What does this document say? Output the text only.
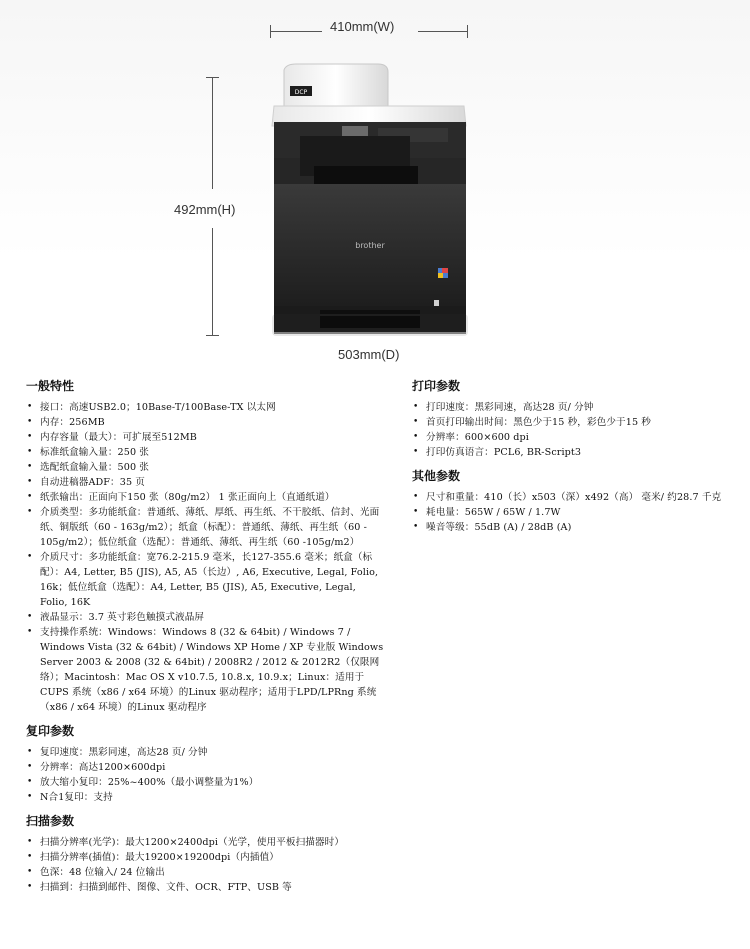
410mm(W)
492mm(H)
DCP
brother
503mm(D)
一般特性
• 接口：高速USB2.0；10Base-T/100Base-TX 以太网
• 内存：256MB
• 内存容量（最大）：可扩展至512MB
• 标准纸盒输入量：250 张
• 选配纸盒输入量：500 张
• 自动进稿器ADF：35 页
• 纸张输出：正面向下150 张（80g/m2） 1 张正面向上（直通纸道）
• 介质类型：多功能纸盒：普通纸、薄纸、厚纸、再生纸、不干胶纸、信封、光面纸、铜版纸（60 - 163g/m2）；纸盒（标配）：普通纸、薄纸、再生纸（60 - 105g/m2）；低位纸盒（选配）：普通纸、薄纸、再生纸（60 -105g/m2）
• 介质尺寸：多功能纸盒：宽76.2-215.9 毫米，长127-355.6 毫米；纸盒（标配）：A4, Letter, B5 (JIS), A5, A5（长边）, A6, Executive, Legal, Folio, 16k；低位纸盒（选配）：A4, Letter, B5 (JIS), A5, Executive, Legal, Folio, 16K
• 液晶显示：3.7 英寸彩色触摸式液晶屏
• 支持操作系统：Windows：Windows 8 (32 & 64bit) / Windows 7 / Windows Vista (32 & 64bit) / Windows XP Home / XP 专业版 Windows Server 2003 & 2008 (32 & 64bit) / 2008R2 / 2012 & 2012R2（仅限网络）；Macintosh：Mac OS X v10.7.5, 10.8.x, 10.9.x；Linux：适用于CUPS 系统（x86 / x64 环境）的Linux 驱动程序；适用于LPD/LPRng 系统（x86 / x64 环境）的Linux 驱动程序
复印参数
• 复印速度：黑彩同速，高达28 页/ 分钟
• 分辨率：高达1200×600dpi
• 放大缩小复印：25%~400%（最小调整量为1%）
• N合1复印：支持
扫描参数
• 扫描分辨率(光学)：最大1200×2400dpi（光学，使用平板扫描器时）
• 扫描分辨率(插值)：最大19200×19200dpi（内插值）
• 色深：48 位输入/ 24 位输出
• 扫描到：扫描到邮件、图像、文件、OCR、FTP、USB 等
打印参数
• 打印速度：黑彩同速，高达28 页/ 分钟
• 首页打印输出时间：黑色少于15 秒，彩色少于15 秒
• 分辨率：600×600 dpi
• 打印仿真语言：PCL6, BR-Script3
其他参数
• 尺寸和重量：410（长）x503（深）x492（高） 毫米/ 约28.7 千克
• 耗电量：565W / 65W / 1.7W
• 噪音等级：55dB (A) / 28dB (A)
